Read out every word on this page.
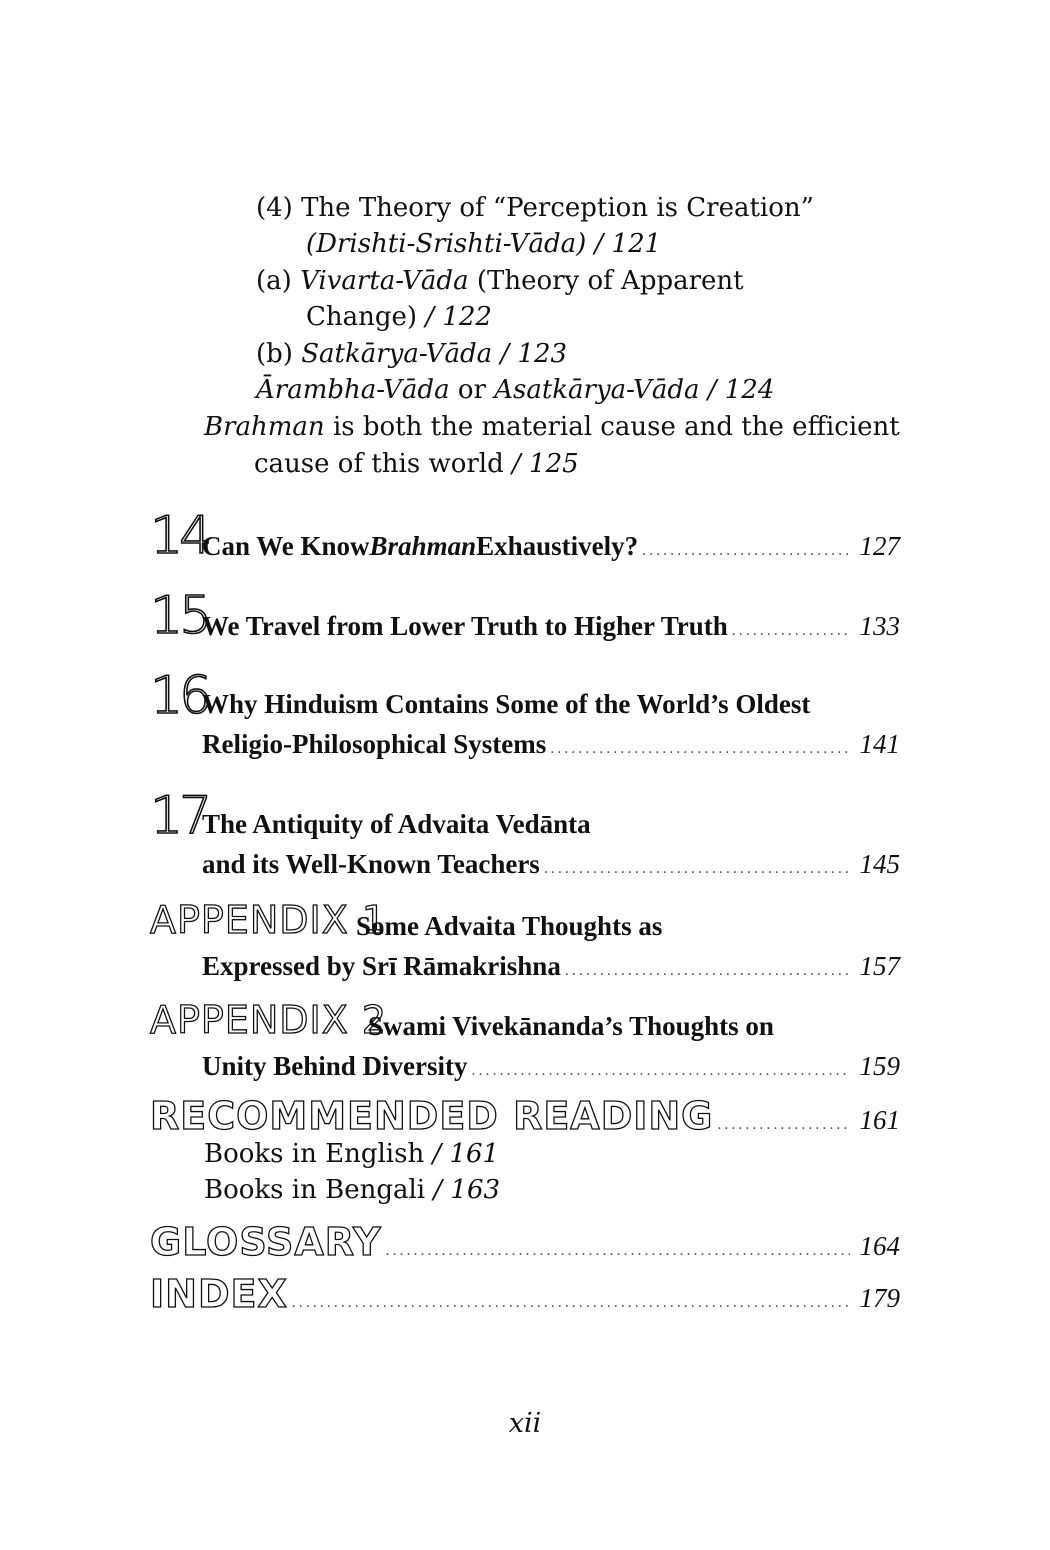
(4) The Theory of “Perception is Creation”
(Drishti-Srishti-Vāda) / 121
(a) Vivarta-Vāda (Theory of Apparent
Change) / 122
(b) Satkārya-Vāda / 123
Ārambha-Vāda or Asatkārya-Vāda / 124
Brahman is both the material cause and the efficient
cause of this world / 125
14
Can We Know Brahman Exhaustively? .....	127
15
We Travel from Lower Truth to Higher Truth .....	133
16
Why Hinduism Contains Some of the World’s Oldest
Religio-Philosophical Systems .....	141
17
The Antiquity of Advaita Vedānta
and its Well-Known Teachers .....	145
APPENDIX 1
Some Advaita Thoughts as
Expressed by Srī Rāmakrishna .....	157
APPENDIX 2
Swami Vivekānanda’s Thoughts on
Unity Behind Diversity .....	159
RECOMMENDED READING .....	161
Books in English / 161
Books in Bengali / 163
GLOSSARY .....	164
INDEX .....	179
xii
